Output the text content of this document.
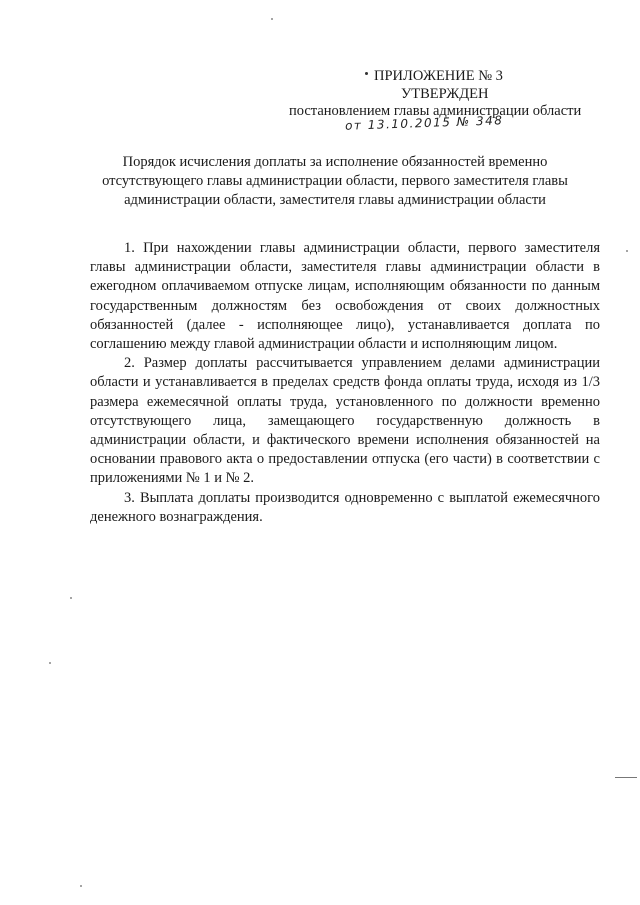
ПРИЛОЖЕНИЕ № 3
УТВЕРЖДЕН
постановлением главы администрации области
от 13.10.2015 № 348
Порядок исчисления доплаты за исполнение обязанностей временно
отсутствующего главы администрации области, первого заместителя главы
администрации области, заместителя главы администрации области

1. При нахождении главы администрации области, первого заместителя главы администрации области, заместителя главы администрации области в ежегодном оплачиваемом отпуске лицам, исполняющим обязанности по данным государственным должностям без освобождения от своих должностных обязанностей (далее - исполняющее лицо), устанавливается доплата по соглашению между главой администрации области и исполняющим лицом.

2. Размер доплаты рассчитывается управлением делами администрации области и устанавливается в пределах средств фонда оплаты труда, исходя из 1/3 размера ежемесячной оплаты труда, установленного по должности временно отсутствующего лица, замещающего государственную должность в администрации области, и фактического времени исполнения обязанностей на основании правового акта о предоставлении отпуска (его части) в соответствии с приложениями № 1 и № 2.

3. Выплата доплаты производится одновременно с выплатой ежемесячного денежного вознаграждения.
